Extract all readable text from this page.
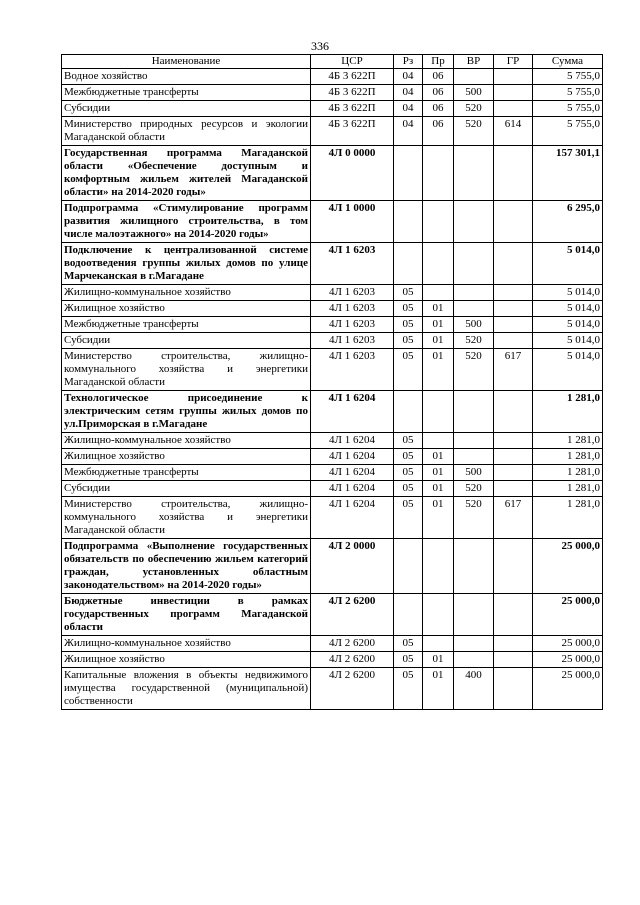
336
Наименование	ЦСР	Рз	Пр	ВР	ГР	Сумма
Водное хозяйство	4Б 3 622П	04	06			5 755,0
Межбюджетные трансферты	4Б 3 622П	04	06	500		5 755,0
Субсидии	4Б 3 622П	04	06	520		5 755,0
Министерство природных ресурсов и экологии Магаданской области	4Б 3 622П	04	06	520	614	5 755,0
Государственная программа Магаданской области «Обеспечение доступным и комфортным жильем жителей Магаданской области» на 2014-2020 годы»	4Л 0 0000					157 301,1
Подпрограмма «Стимулирование программ развития жилищного строительства, в том числе малоэтажного» на 2014-2020 годы»	4Л 1 0000					6 295,0
Подключение к централизованной системе водоотведения группы жилых домов по улице Марчеканская в г.Магадане	4Л 1 6203					5 014,0
Жилищно-коммунальное хозяйство	4Л 1 6203	05				5 014,0
Жилищное хозяйство	4Л 1 6203	05	01			5 014,0
Межбюджетные трансферты	4Л 1 6203	05	01	500		5 014,0
Субсидии	4Л 1 6203	05	01	520		5 014,0
Министерство строительства, жилищно-коммунального хозяйства и энергетики Магаданской области	4Л 1 6203	05	01	520	617	5 014,0
Технологическое присоединение к электрическим сетям группы жилых домов по ул.Приморская в г.Магадане	4Л 1 6204					1 281,0
Жилищно-коммунальное хозяйство	4Л 1 6204	05				1 281,0
Жилищное хозяйство	4Л 1 6204	05	01			1 281,0
Межбюджетные трансферты	4Л 1 6204	05	01	500		1 281,0
Субсидии	4Л 1 6204	05	01	520		1 281,0
Министерство строительства, жилищно-коммунального хозяйства и энергетики Магаданской области	4Л 1 6204	05	01	520	617	1 281,0
Подпрограмма «Выполнение государственных обязательств по обеспечению жильем категорий граждан, установленных областным законодательством» на 2014-2020 годы»	4Л 2 0000					25 000,0
Бюджетные инвестиции в рамках государственных программ Магаданской области	4Л 2 6200					25 000,0
Жилищно-коммунальное хозяйство	4Л 2 6200	05				25 000,0
Жилищное хозяйство	4Л 2 6200	05	01			25 000,0
Капитальные вложения в объекты недвижимого имущества государственной (муниципальной) собственности	4Л 2 6200	05	01	400		25 000,0
